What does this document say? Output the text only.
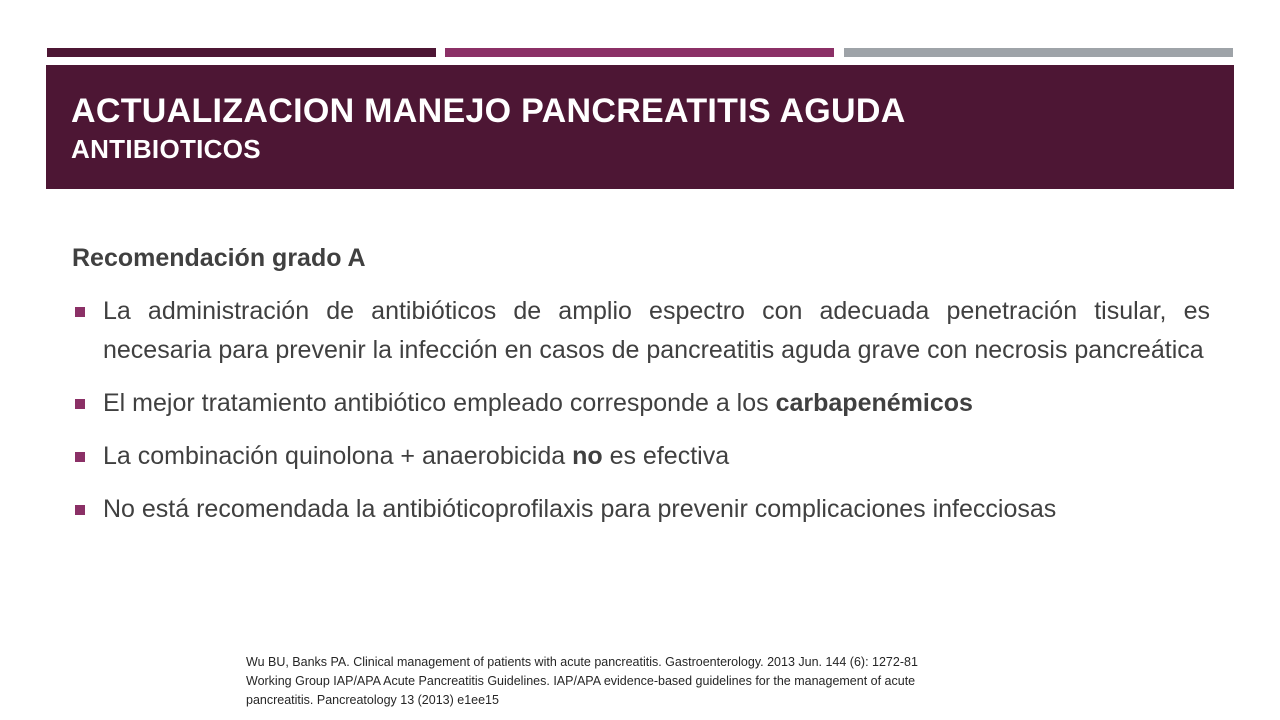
ACTUALIZACION MANEJO PANCREATITIS AGUDA
ANTIBIOTICOS
Recomendación grado A
La administración de antibióticos de amplio espectro con adecuada penetración tisular, es necesaria para prevenir la infección en casos de pancreatitis aguda grave con necrosis pancreática
El mejor tratamiento antibiótico empleado corresponde a los carbapenémicos
La combinación quinolona + anaerobicida no es efectiva
No está recomendada la antibióticoprofilaxis para prevenir complicaciones infecciosas
Wu BU, Banks PA. Clinical management of patients with acute pancreatitis. Gastroenterology. 2013 Jun. 144 (6): 1272-81
Working Group IAP/APA Acute Pancreatitis Guidelines. IAP/APA evidence-based guidelines for the management of acute
pancreatitis. Pancreatology 13 (2013) e1ee15
